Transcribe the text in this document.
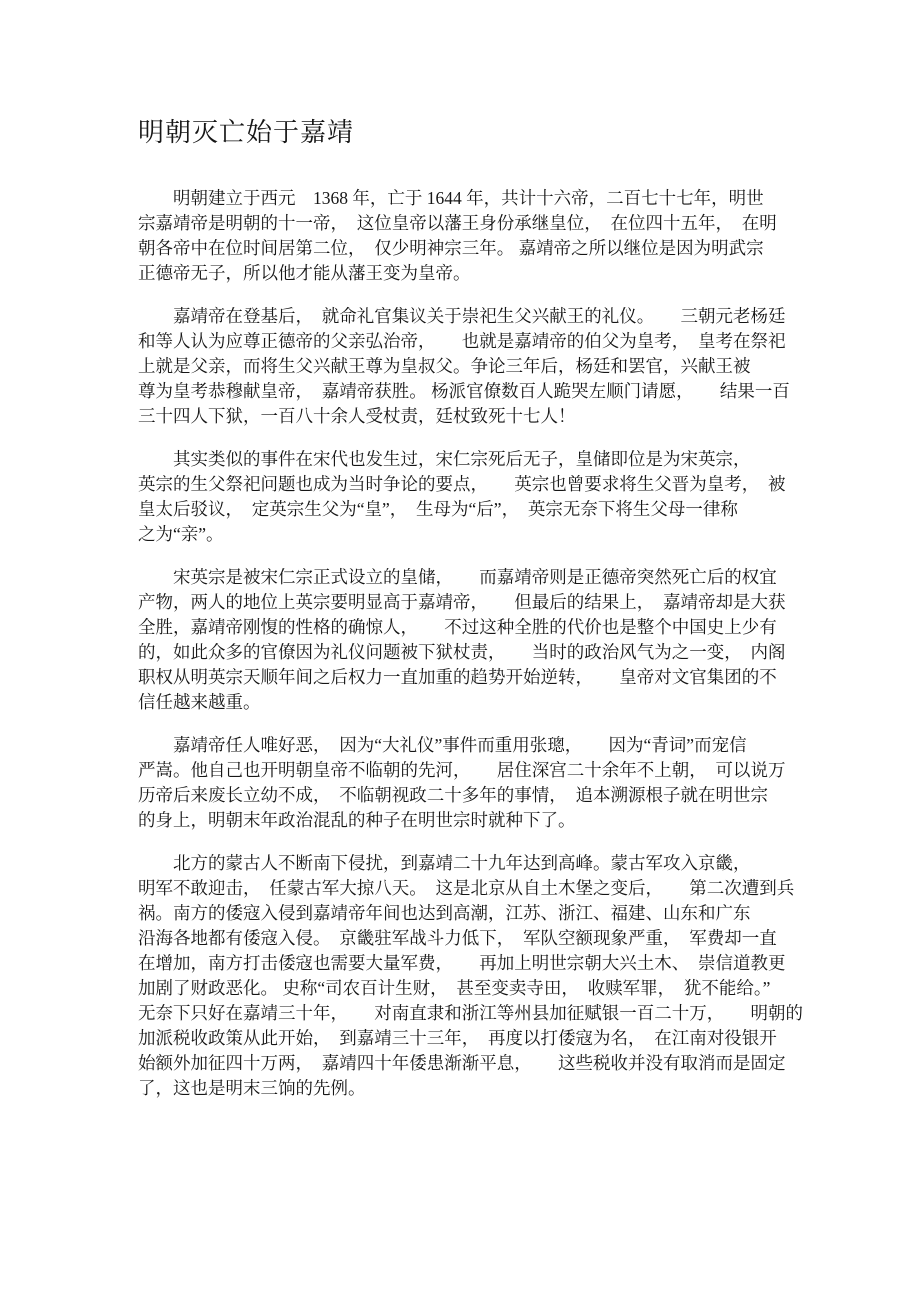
明朝灭亡始于嘉靖
明朝建立于西元　1368 年，亡于 1644 年，共计十六帝，二百七十七年，明世
宗嘉靖帝是明朝的十一帝，　这位皇帝以藩王身份承继皇位，　在位四十五年，　在明
朝各帝中在位时间居第二位，　仅少明神宗三年。 嘉靖帝之所以继位是因为明武宗
正德帝无子，所以他才能从藩王变为皇帝。
嘉靖帝在登基后，　就命礼官集议关于崇祀生父兴献王的礼仪。　　三朝元老杨廷
和等人认为应尊正德帝的父亲弘治帝，　　也就是嘉靖帝的伯父为皇考，　皇考在祭祀
上就是父亲，而将生父兴献王尊为皇叔父。争论三年后，杨廷和罢官，兴献王被
尊为皇考恭穆献皇帝，　嘉靖帝获胜。 杨派官僚数百人跪哭左顺门请愿，　　结果一百
三十四人下狱，一百八十余人受杖责，廷杖致死十七人！
其实类似的事件在宋代也发生过，宋仁宗死后无子，皇储即位是为宋英宗，
英宗的生父祭祀问题也成为当时争论的要点，　　英宗也曾要求将生父晋为皇考，　被
皇太后驳议，　定英宗生父为“皇”，　生母为“后”，　英宗无奈下将生父母一律称
之为“亲”。
宋英宗是被宋仁宗正式设立的皇储，　　而嘉靖帝则是正德帝突然死亡后的权宜
产物，两人的地位上英宗要明显高于嘉靖帝，　　但最后的结果上，　嘉靖帝却是大获
全胜，嘉靖帝刚愎的性格的确惊人，　　不过这种全胜的代价也是整个中国史上少有
的，如此众多的官僚因为礼仪问题被下狱杖责，　　当时的政治风气为之一变，　内阁
职权从明英宗天顺年间之后权力一直加重的趋势开始逆转，　　皇帝对文官集团的不
信任越来越重。
嘉靖帝任人唯好恶，　因为“大礼仪”事件而重用张璁，　　因为“青词”而宠信
严嵩。他自己也开明朝皇帝不临朝的先河，　　居住深宫二十余年不上朝，　可以说万
历帝后来废长立幼不成，　不临朝视政二十多年的事情，　追本溯源根子就在明世宗
的身上，明朝末年政治混乱的种子在明世宗时就种下了。
北方的蒙古人不断南下侵扰，到嘉靖二十九年达到高峰。蒙古军攻入京畿，
明军不敢迎击，　任蒙古军大掠八天。　这是北京从自土木堡之变后，　　第二次遭到兵
祸。南方的倭寇入侵到嘉靖帝年间也达到高潮，江苏、浙江、福建、山东和广东
沿海各地都有倭寇入侵。　京畿驻军战斗力低下，　军队空额现象严重，　军费却一直
在增加，南方打击倭寇也需要大量军费，　　再加上明世宗朝大兴土木、　崇信道教更
加剧了财政恶化。 史称“司农百计生财，　甚至变卖寺田，　收赎军罪，　犹不能给。”
无奈下只好在嘉靖三十年，　　对南直隶和浙江等州县加征赋银一百二十万，　　明朝的
加派税收政策从此开始，　到嘉靖三十三年，　再度以打倭寇为名，　在江南对役银开
始额外加征四十万两，　嘉靖四十年倭患渐渐平息，　　这些税收并没有取消而是固定
了，这也是明末三饷的先例。
